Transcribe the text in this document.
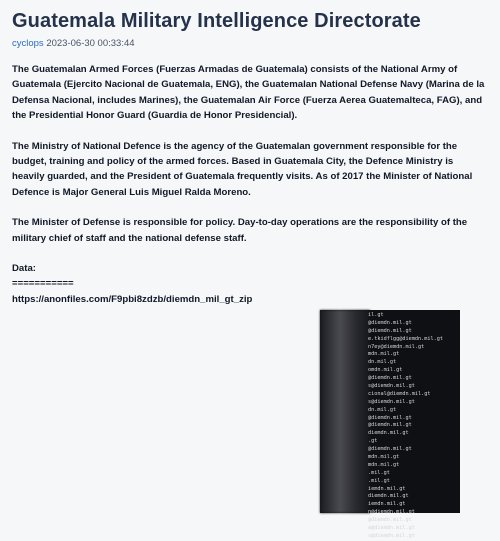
Guatemala Military Intelligence Directorate
cyclops 2023-06-30 00:33:44

The Guatemalan Armed Forces (Fuerzas Armadas de Guatemala) consists of the National Army of Guatemala (Ejercito Nacional de Guatemala, ENG), the Guatemalan National Defense Navy (Marina de la Defensa Nacional, includes Marines), the Guatemalan Air Force (Fuerza Aerea Guatemalteca, FAG), and the Presidential Honor Guard (Guardia de Honor Presidencial).

The Ministry of National Defence is the agency of the Guatemalan government responsible for the budget, training and policy of the armed forces. Based in Guatemala City, the Defence Ministry is heavily guarded, and the President of Guatemala frequently visits. As of 2017 the Minister of National Defence is Major General Luis Miguel Ralda Moreno.

The Minister of Defense is responsible for policy. Day-to-day operations are the responsibility of the military chief of staff and the national defense staff.

Data:
===========
https://anonfiles.com/F9pbi8zdzb/diemdn_mil_gt_zip
il.gt
@diemdn.mil.gt
@diemdn.mil.gt
e.tkidflgg@diemdn.mil.gt
n7ey@diemdn.mil.gt
mdn.mil.gt
dn.mil.gt
omdn.mil.gt
@diemdn.mil.gt
s@diemdn.mil.gt
cional@diemdn.mil.gt
s@diemdn.mil.gt
dn.mil.gt
@diemdn.mil.gt
@diemdn.mil.gt
diemdn.mil.gt
.gt
@diemdn.mil.gt
mdn.mil.gt
mdn.mil.gt
.mil.gt
.mil.gt
iemdn.mil.gt
diemdn.mil.gt
iemdn.mil.gt
n@diemdn.mil.gt
@diemdn.mil.gt
a@diemdn.mil.gt
s@diemdn.mil.gt
